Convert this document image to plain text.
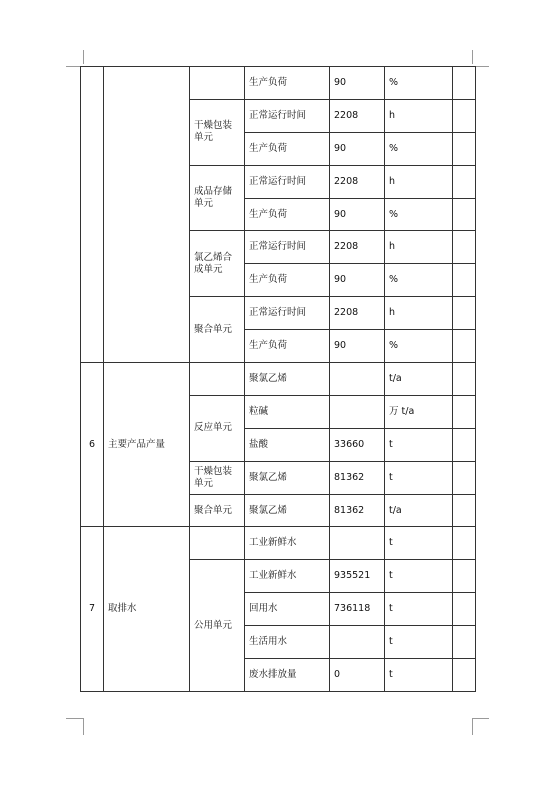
			生产负荷	90	%	
		干燥包装单元	正常运行时间	2208	h	
			生产负荷	90	%	
		成品存储单元	正常运行时间	2208	h	
			生产负荷	90	%	
		氯乙烯合成单元	正常运行时间	2208	h	
			生产负荷	90	%	
		聚合单元	正常运行时间	2208	h	
			生产负荷	90	%	
6	主要产品产量		聚氯乙烯		t/a	
		反应单元	粒碱		万 t/a	
			盐酸	33660	t	
		干燥包装单元	聚氯乙烯	81362	t	
		聚合单元	聚氯乙烯	81362	t/a	
7	取排水		工业新鲜水		t	
		公用单元	工业新鲜水	935521	t	
			回用水	736118	t	
			生活用水		t	
			废水排放量	0	t	
